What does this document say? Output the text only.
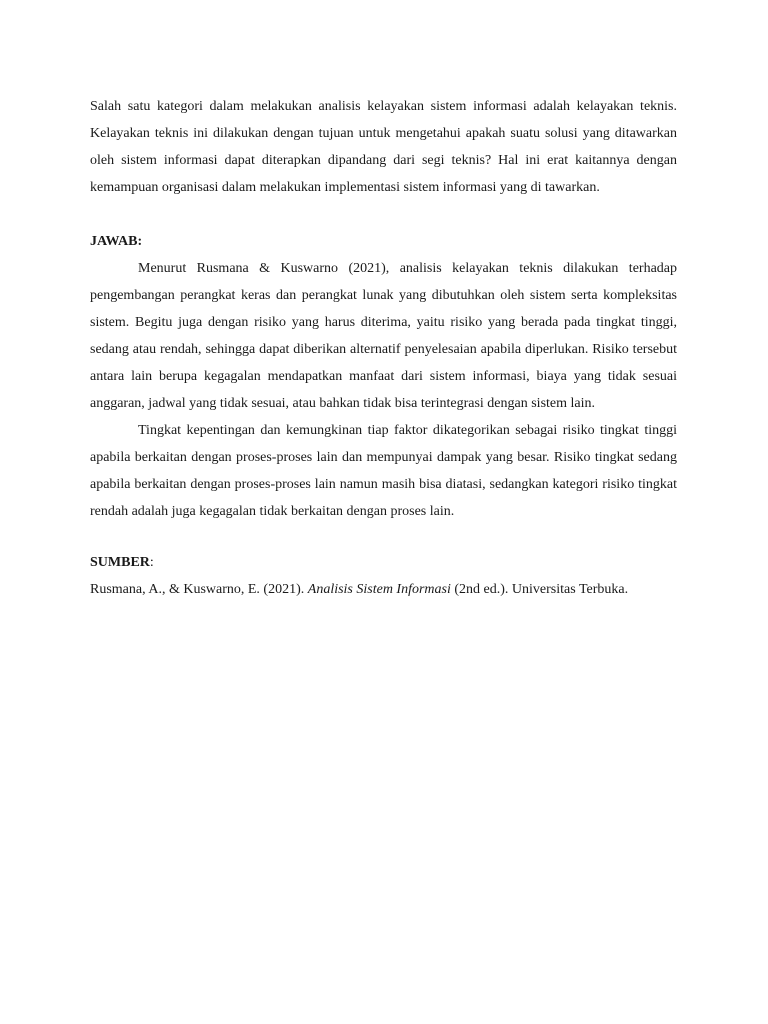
Salah satu kategori dalam melakukan analisis kelayakan sistem informasi adalah kelayakan teknis. Kelayakan teknis ini dilakukan dengan tujuan untuk mengetahui apakah suatu solusi yang ditawarkan oleh sistem informasi dapat diterapkan dipandang dari segi teknis? Hal ini erat kaitannya dengan kemampuan organisasi dalam melakukan implementasi sistem informasi yang di tawarkan.

JAWAB:

Menurut Rusmana & Kuswarno (2021), analisis kelayakan teknis dilakukan terhadap pengembangan perangkat keras dan perangkat lunak yang dibutuhkan oleh sistem serta kompleksitas sistem. Begitu juga dengan risiko yang harus diterima, yaitu risiko yang berada pada tingkat tinggi, sedang atau rendah, sehingga dapat diberikan alternatif penyelesaian apabila diperlukan. Risiko tersebut antara lain berupa kegagalan mendapatkan manfaat dari sistem informasi, biaya yang tidak sesuai anggaran, jadwal yang tidak sesuai, atau bahkan tidak bisa terintegrasi dengan sistem lain.

Tingkat kepentingan dan kemungkinan tiap faktor dikategorikan sebagai risiko tingkat tinggi apabila berkaitan dengan proses-proses lain dan mempunyai dampak yang besar. Risiko tingkat sedang apabila berkaitan dengan proses-proses lain namun masih bisa diatasi, sedangkan kategori risiko tingkat rendah adalah juga kegagalan tidak berkaitan dengan proses lain.

SUMBER:

Rusmana, A., & Kuswarno, E. (2021). Analisis Sistem Informasi (2nd ed.). Universitas Terbuka.
